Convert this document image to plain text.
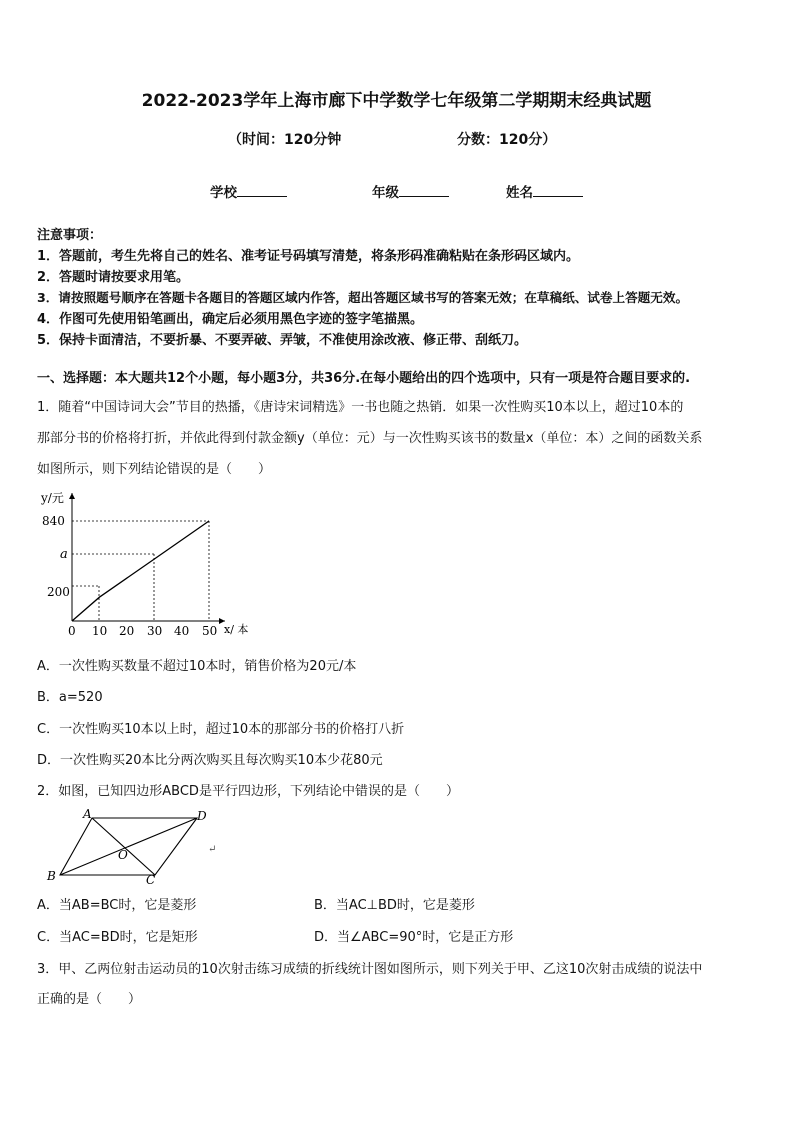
2022-2023学年上海市廊下中学数学七年级第二学期期末经典试题
（时间：120分钟	分数：120分）
学校	年级	姓名
注意事项：
1．答题前，考生先将自己的姓名、准考证号码填写清楚，将条形码准确粘贴在条形码区域内。
2．答题时请按要求用笔。
3．请按照题号顺序在答题卡各题目的答题区域内作答，超出答题区域书写的答案无效；在草稿纸、试卷上答题无效。
4．作图可先使用铅笔画出，确定后必须用黑色字迹的签字笔描黑。
5．保持卡面清洁，不要折暴、不要弄破、弄皱，不准使用涂改液、修正带、刮纸刀。
一、选择题：本大题共12个小题，每小题3分，共36分.在每小题给出的四个选项中，只有一项是符合题目要求的.
1．随着“中国诗词大会”节目的热播，《唐诗宋词精选》一书也随之热销．如果一次性购买10本以上，超过10本的
那部分书的价格将打折，并依此得到付款金额y（单位：元）与一次性购买该书的数量x（单位：本）之间的函数关系
如图所示，则下列结论错误的是（　　）
y/元
x/ 本
840
a
200
0 10 20 30 40 50
A．一次性购买数量不超过10本时，销售价格为20元/本
B．a=520
C．一次性购买10本以上时，超过10本的那部分书的价格打八折
D．一次性购买20本比分两次购买且每次购买10本少花80元
2．如图，已知四边形ABCD是平行四边形，下列结论中错误的是（　　）
A	D
B	C
O	↵
A．当AB=BC时，它是菱形	B．当AC⊥BD时，它是菱形
C．当AC=BD时，它是矩形	D．当∠ABC=90°时，它是正方形
3．甲、乙两位射击运动员的10次射击练习成绩的折线统计图如图所示，则下列关于甲、乙这10次射击成绩的说法中
正确的是（　　）
